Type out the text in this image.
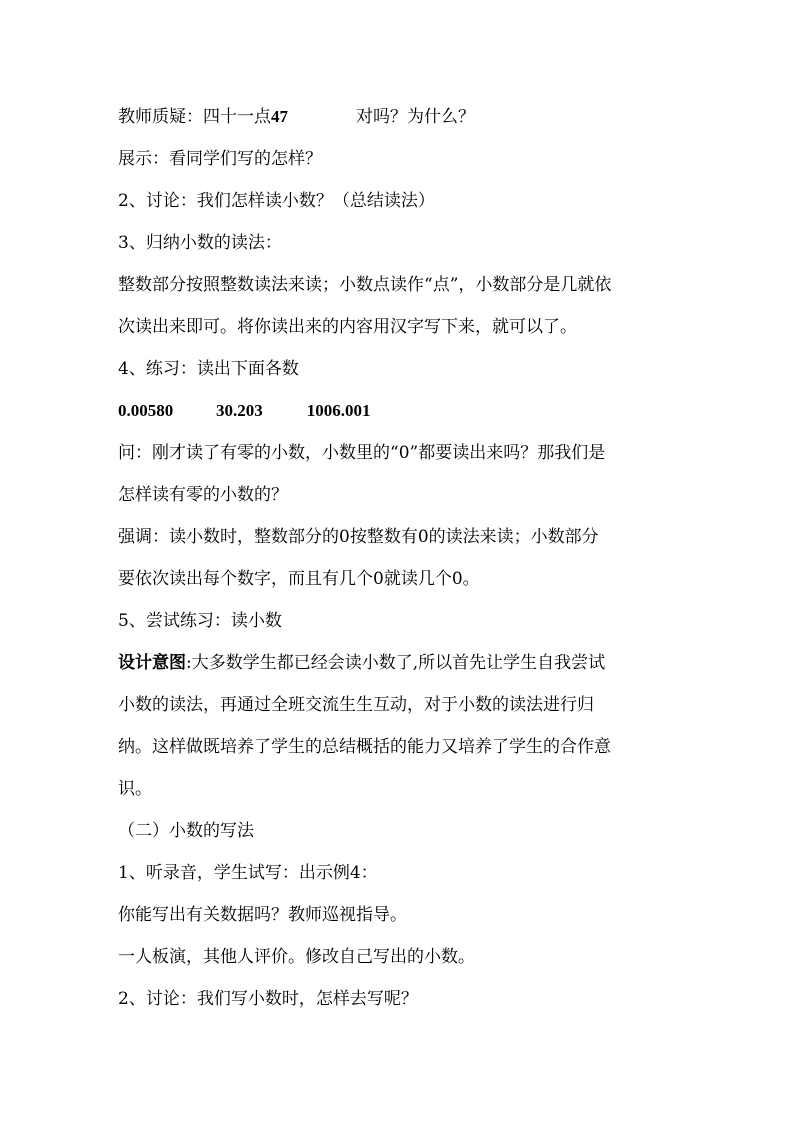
教师质疑：四十一点47	对吗？为什么？
展示：看同学们写的怎样？
2、讨论：我们怎样读小数？（总结读法）
3、归纳小数的读法：
整数部分按照整数读法来读；小数点读作“点”，小数部分是几就依
次读出来即可。将你读出来的内容用汉字写下来，就可以了。
4、练习：读出下面各数
0.00580	30.203	1006.001
问：刚才读了有零的小数，小数里的“0”都要读出来吗？那我们是
怎样读有零的小数的？
强调：读小数时，整数部分的0按整数有0的读法来读；小数部分
要依次读出每个数字，而且有几个0就读几个0。
5、尝试练习：读小数
设计意图:大多数学生都已经会读小数了,所以首先让学生自我尝试
小数的读法，再通过全班交流生生互动，对于小数的读法进行归
纳。这样做既培养了学生的总结概括的能力又培养了学生的合作意
识。
（二）小数的写法
1、听录音，学生试写：出示例4：
你能写出有关数据吗？教师巡视指导。
一人板演，其他人评价。修改自己写出的小数。
2、讨论：我们写小数时，怎样去写呢？
